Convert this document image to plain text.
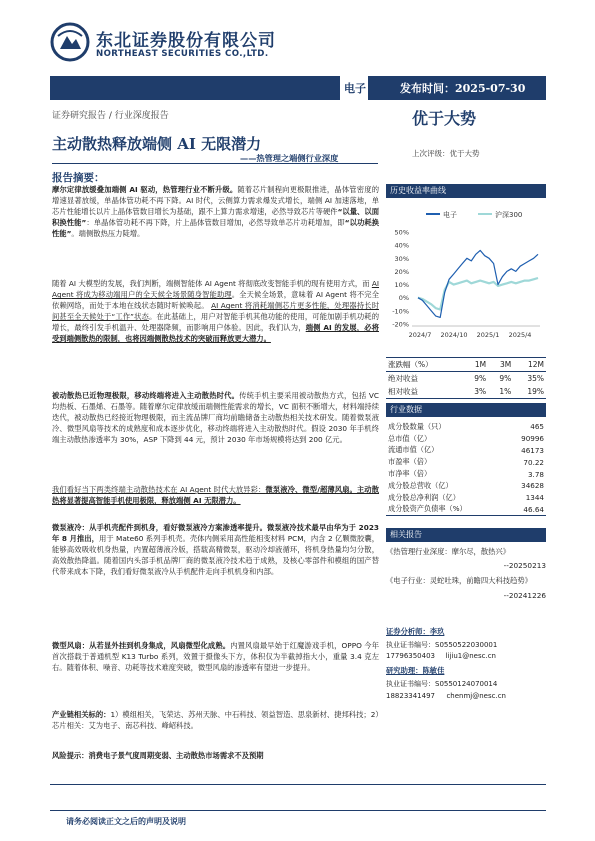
东北证券股份有限公司
NORTHEAST SECURITIES CO.,LTD.
电子	发布时间：2025-07-30
证券研究报告 / 行业深度报告
主动散热释放端侧 AI 无限潜力
——热管理之端侧行业深度
优于大势
上次评级：优于大势
报告摘要：
摩尔定律放缓叠加端侧 AI 驱动，热管理行业不断升级。随着芯片制程向更极限推进，晶体管密度的增速显著放缓，单晶体管功耗不再下降。AI 时代，云侧算力需求爆发式增长，端侧 AI 加速落地，单芯片性能增长以片上晶体管数目增长为基础，跟不上算力需求增速，必然导致芯片等硬件“以量、以面积换性能”：单晶体管功耗不再下降，片上晶体管数目增加，必然导致单芯片功耗增加，即“以功耗换性能”。端侧散热压力陡增。
随着 AI 大模型的发展，我们判断，端侧智能体 AI Agent 将彻底改变智能手机的现有使用方式，而 AI Agent 将成为移动端用户的全天候全场景随身智能助理。全天候全场景，意味着 AI Agent 将不完全依赖网络，而处于本地在线状态随时听候唤起。 AI Agent 将消耗端侧芯片更多性能，处理器持长时间甚至全天候处于“工作”状态。在此基础上，用户对智能手机其他功能的使用，可能加剧手机功耗的增长，最终引发手机温升、处理器降频，而影响用户体验。因此，我们认为，端侧 AI 的发展，必将受到端侧散热的限制，也将因端侧散热技术的突破而释放更大潜力。
被动散热已近物理极限，移动终端将进入主动散热时代。传统手机主要采用被动散热方式，包括 VC 均热板、石墨烯、石墨等。随着摩尔定律放缓而端侧性能需求的增长，VC 面积不断增大，材料端持续迭代，被动散热已经接近物理极限，而主流品牌厂商均前瞻储备主动散热相关技术研发。随着微泵液冷、微型风扇等技术的成熟度和成本逐步优化，移动终端将进入主动散热时代。假设 2030 年手机终端主动散热渗透率为 30%，ASP 下降到 44 元，预计 2030 年市场规模将达到 200 亿元。
我们看好当下两类终端主动散热技术在 AI Agent 时代大放异彩：微泵液冷、微型/超薄风扇。主动散热将显著提高智能手机使用极限，释放端侧 AI 无限潜力。
微泵液冷：从手机壳配件到机身，看好微泵液冷方案渗透率提升。微泵液冷技术最早由华为于 2023 年 8 月推出，用于 Mate60 系列手机壳。壳体内侧采用高性能相变材料 PCM，内含 2 亿颗微胶囊，能够高效吸收机身热量，内置超薄液冷版，搭载高精微泵，驱动冷却液循环，将机身热量均匀分散，高效散热降温。随着国内头部手机品牌厂商的微泵液冷技术趋于成熟，及核心零部件和模组的国产替代带来成本下降，我们看好微泵液冷从手机配件走向手机机身和内部。
微型风扇：从若显外挂到机身集成，风扇微型化成熟。内置风扇最早始于红魔游戏手机，OPPO 今年首次搭载于普通机型 K13 Turbo 系列，效置于摄像头下方，体积仅为半截掉指大小，重量 3.4 克左右。随着体积、噪音、功耗等技术难度突破，微型风扇的渗透率有望进一步提升。
产业链相关标的：1）模组相关，飞荣达、苏州天脉、中石科技、领益智造、思泉新材、捷邦科技；2）芯片相关：艾为电子、南芯科技、峰岹科技。
风险提示：消费电子景气度周期变弱、主动散热市场需求不及预期
历史收益率曲线
电子	沪深300
50%
40%
30%
20%
10%
0%
-10%
-20%
2024/7 2024/10 2025/1 2025/4
涨跌幅（%）	1M	3M	12M
绝对收益	9%	9%	35%
相对收益	3%	1%	19%
行业数据
成分股数量（只）	465
总市值（亿）	90996
流通市值（亿）	46173
市盈率（倍）	70.22
市净率（倍）	3.78
成分股总营收（亿）	34628
成分股总净利润（亿）	1344
成分股资产负债率（%）	46.64
相关报告
《热管理行业深度：摩尔尽，散热兴》
--20250213
《电子行业：灵蛇吐珠，前瞻四大科技趋势》
--20241226
证券分析师：李玖
执业证书编号：S0550522030001
17796350403 lijiu1@nesc.cn
研究助理：陈敏佳
执业证书编号：S0550124070014
18823341497 chenmj@nesc.cn
请务必阅读正文之后的声明及说明
